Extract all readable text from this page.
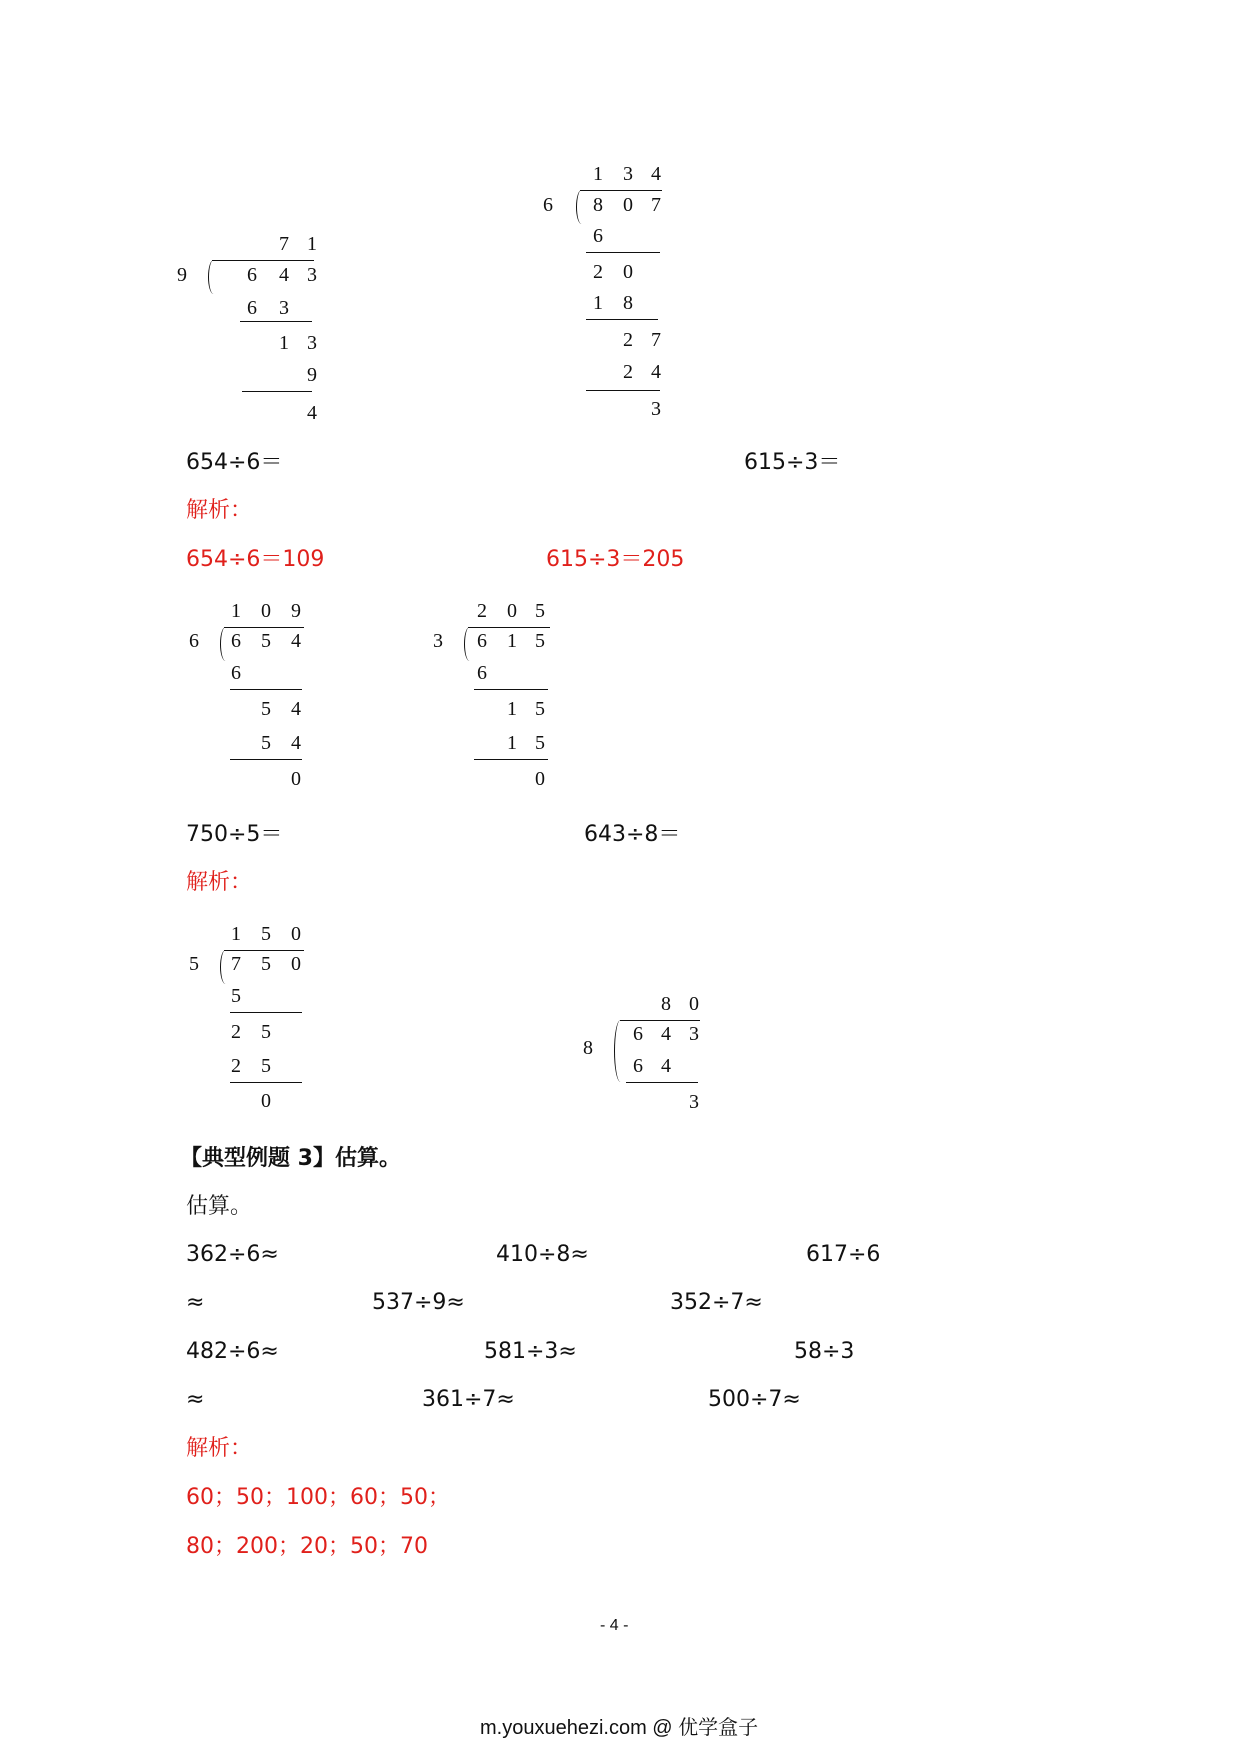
9
7 1
6 4 3
6 3
1 3
9
4
6
1 3 4
8 0 7
6
2 0
1 8
2 7
2 4
3
654÷6＝	615÷3＝
解析：
654÷6＝109	615÷3＝205
6
1 0 9
6 5 4
6
5 4
5 4
0
3
2 0 5
6 1 5
6
1 5
1 5
0
750÷5＝	643÷8＝
解析：
5
1 5 0
7 5 0
5
2 5
2 5
0
8
8 0
6 4 3
6 4
3
【典型例题 3】估算。
估算。
362÷6≈	410÷8≈	617÷6
≈	537÷9≈	352÷7≈
482÷6≈	581÷3≈	58÷3
≈	361÷7≈	500÷7≈
解析：
60；50；100；60；50；
80；200；20；50；70
- 4 -
m.youxuehezi.com @ 优学盒子
